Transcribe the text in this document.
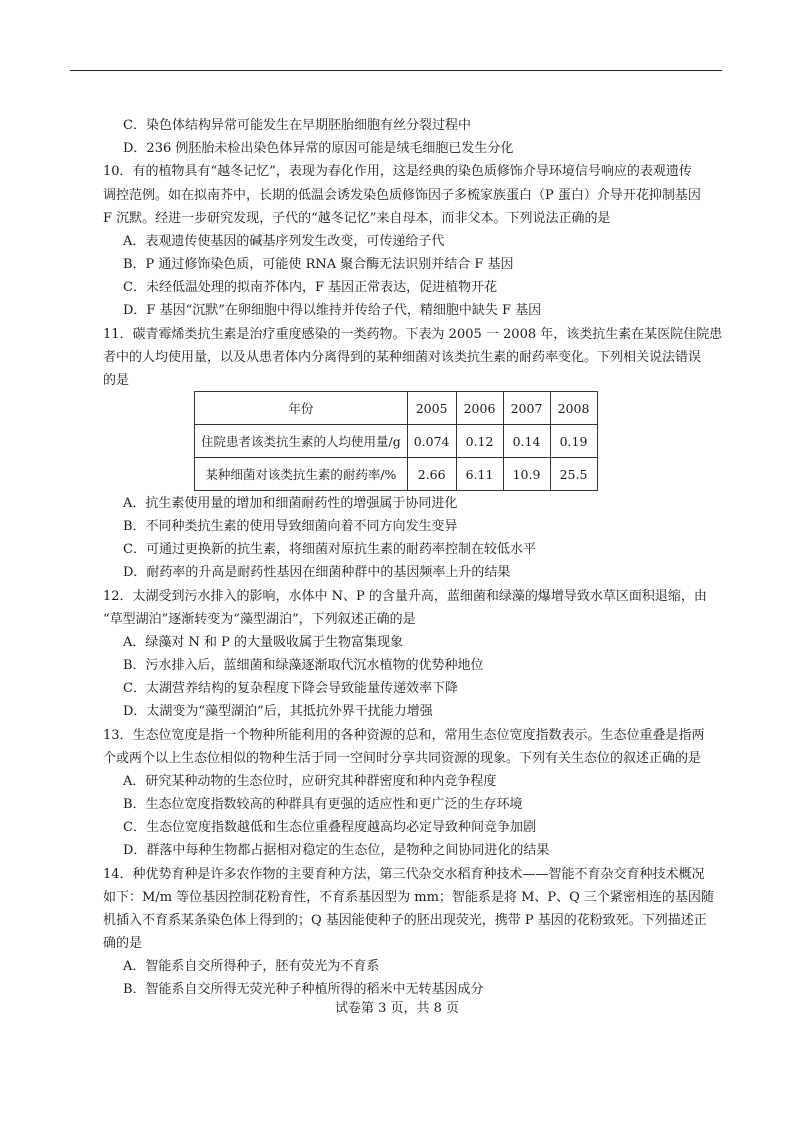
C．染色体结构异常可能发生在早期胚胎细胞有丝分裂过程中
D．236 例胚胎未检出染色体异常的原因可能是绒毛细胞已发生分化
10．有的植物具有“越冬记忆”，表现为春化作用，这是经典的染色质修饰介导环境信号响应的表观遗传
调控范例。如在拟南芥中，长期的低温会诱发染色质修饰因子多梳家族蛋白（P 蛋白）介导开花抑制基因
F 沉默。经进一步研究发现，子代的“越冬记忆”来自母本，而非父本。下列说法正确的是
A．表观遗传使基因的碱基序列发生改变，可传递给子代
B．P 通过修饰染色质，可能使 RNA 聚合酶无法识别并结合 F 基因
C．未经低温处理的拟南芥体内，F 基因正常表达，促进植物开花
D．F 基因“沉默”在卵细胞中得以维持并传给子代，精细胞中缺失 F 基因
11．碳青霉烯类抗生素是治疗重度感染的一类药物。下表为 2005 一 2008 年，该类抗生素在某医院住院患
者中的人均使用量，以及从患者体内分离得到的某种细菌对该类抗生素的耐药率变化。下列相关说法错误
的是
年份	2005	2006	2007	2008
住院患者该类抗生素的人均使用量/g	0.074	0.12	0.14	0.19
某种细菌对该类抗生素的耐药率/%	2.66	6.11	10.9	25.5
A．抗生素使用量的增加和细菌耐药性的增强属于协同进化
B．不同种类抗生素的使用导致细菌向着不同方向发生变异
C．可通过更换新的抗生素，将细菌对原抗生素的耐药率控制在较低水平
D．耐药率的升高是耐药性基因在细菌种群中的基因频率上升的结果
12．太湖受到污水排入的影响，水体中 N、P 的含量升高，蓝细菌和绿藻的爆增导致水草区面积退缩，由
“草型湖泊”逐渐转变为“藻型湖泊”，下列叙述正确的是
A．绿藻对 N 和 P 的大量吸收属于生物富集现象
B．污水排入后，蓝细菌和绿藻逐渐取代沉水植物的优势种地位
C．太湖营养结构的复杂程度下降会导致能量传递效率下降
D．太湖变为“藻型湖泊”后，其抵抗外界干扰能力增强
13．生态位宽度是指一个物种所能利用的各种资源的总和，常用生态位宽度指数表示。生态位重叠是指两
个或两个以上生态位相似的物种生活于同一空间时分享共同资源的现象。下列有关生态位的叙述正确的是
A．研究某种动物的生态位时，应研究其种群密度和种内竞争程度
B．生态位宽度指数较高的种群具有更强的适应性和更广泛的生存环境
C．生态位宽度指数越低和生态位重叠程度越高均必定导致种间竞争加剧
D．群落中每种生物都占据相对稳定的生态位，是物种之间协同进化的结果
14．种优势育种是许多农作物的主要育种方法，第三代杂交水稻育种技术——智能不育杂交育种技术概况
如下：M/m 等位基因控制花粉育性，不育系基因型为 mm；智能系是将 M、P、Q 三个紧密相连的基因随
机插入不育系某条染色体上得到的；Q 基因能使种子的胚出现荧光，携带 P 基因的花粉致死。下列描述正
确的是
A．智能系自交所得种子，胚有荧光为不育系
B．智能系自交所得无荧光种子种植所得的稻米中无转基因成分
试卷第 3 页，共 8 页
